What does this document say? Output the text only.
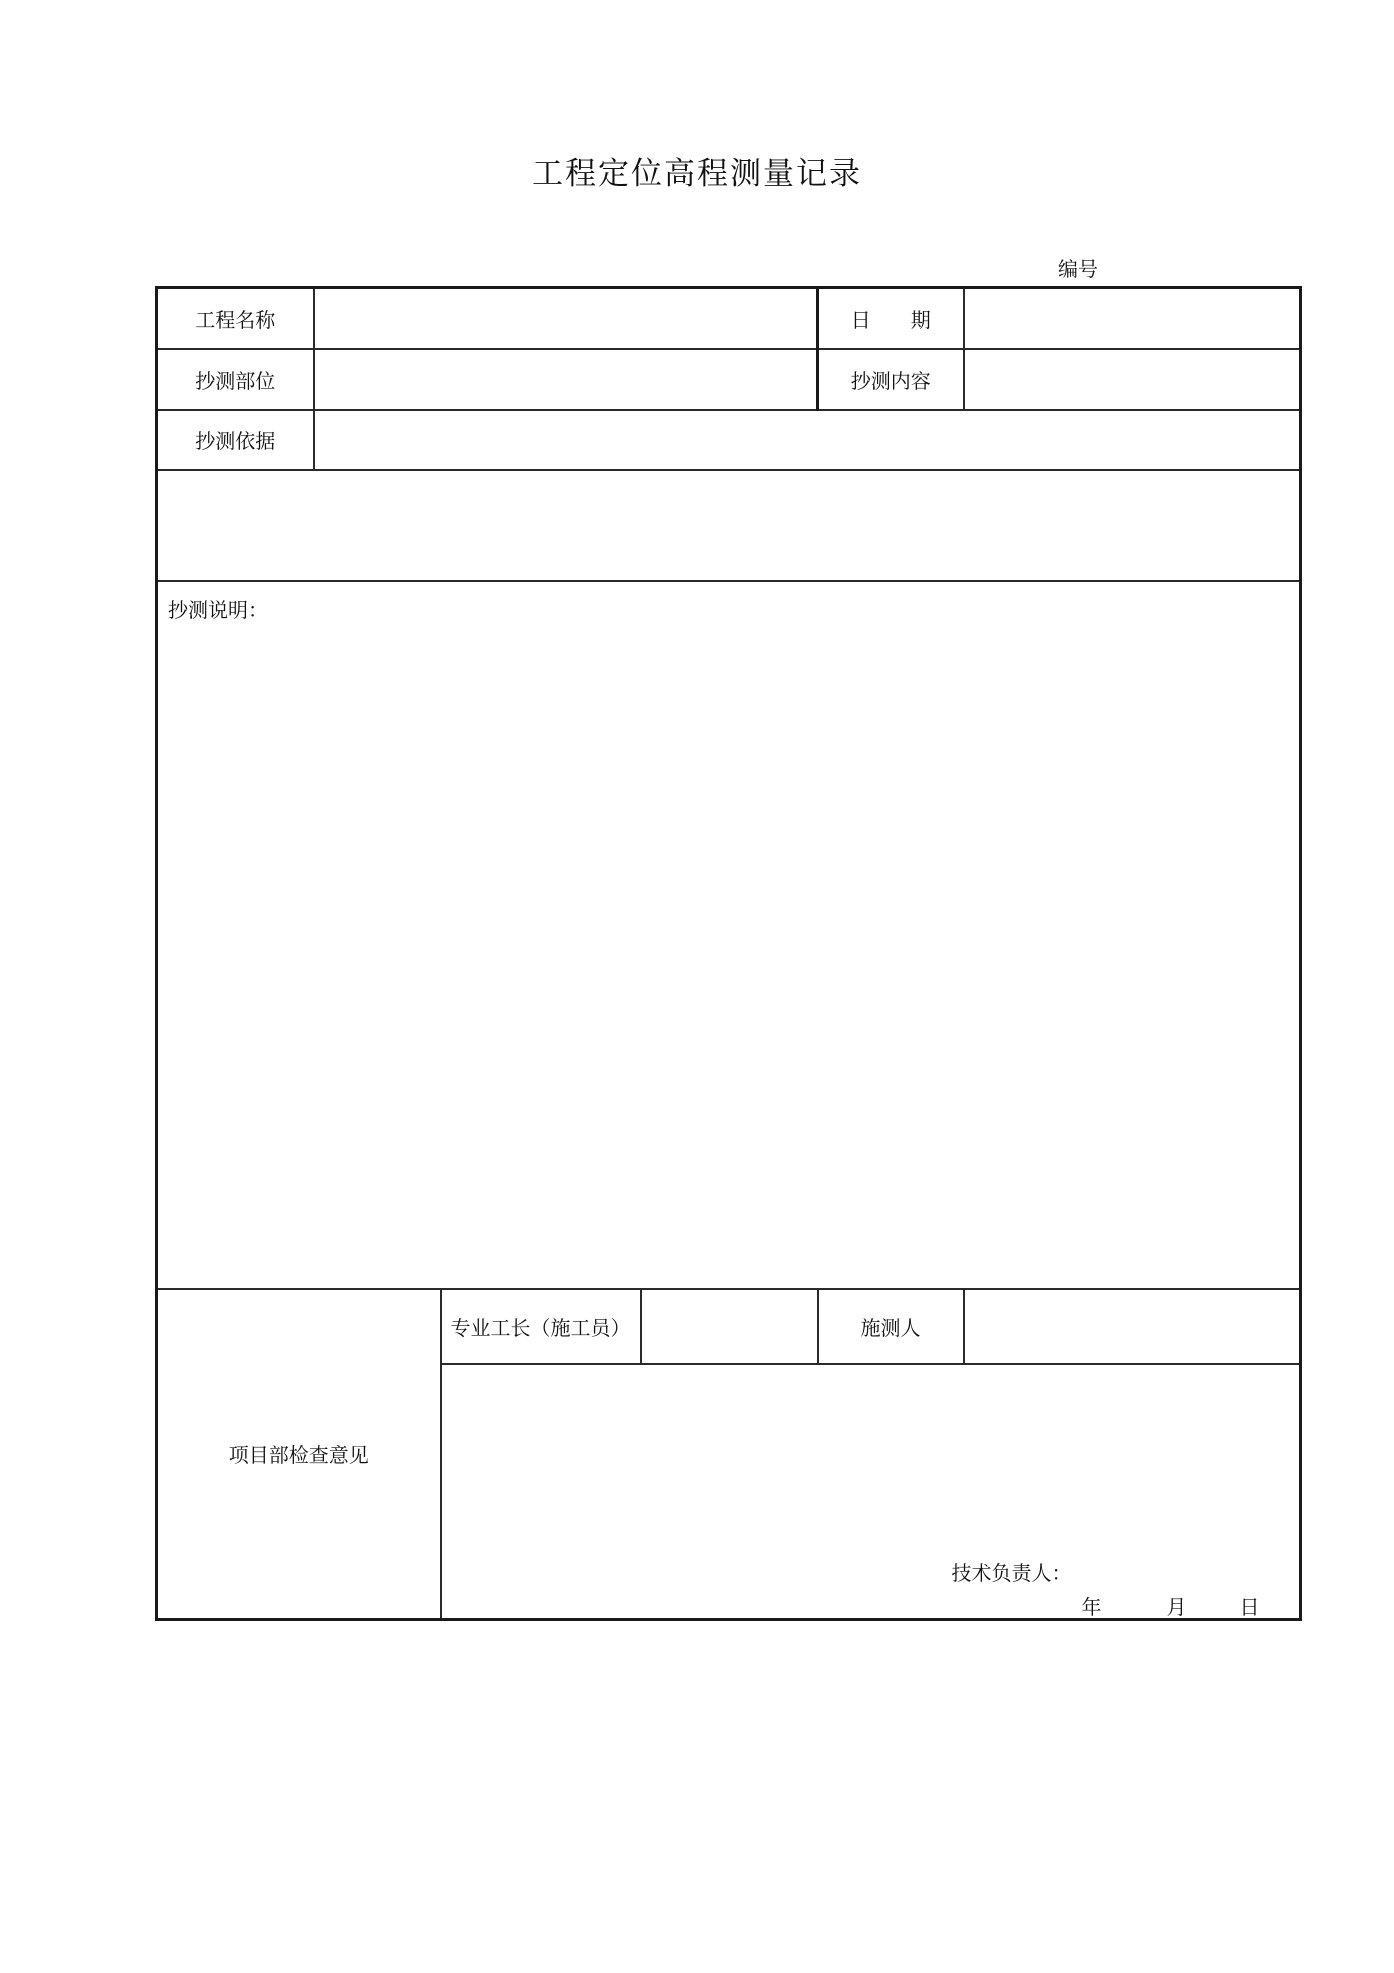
工程定位高程测量记录
编号
工程名称				日　　期	
抄测部位				抄测内容	
抄测依据					

抄测说明：					
项目部检查意见		专业工长（施工员）		施测人	

		技术负责人：
年 月 日			
